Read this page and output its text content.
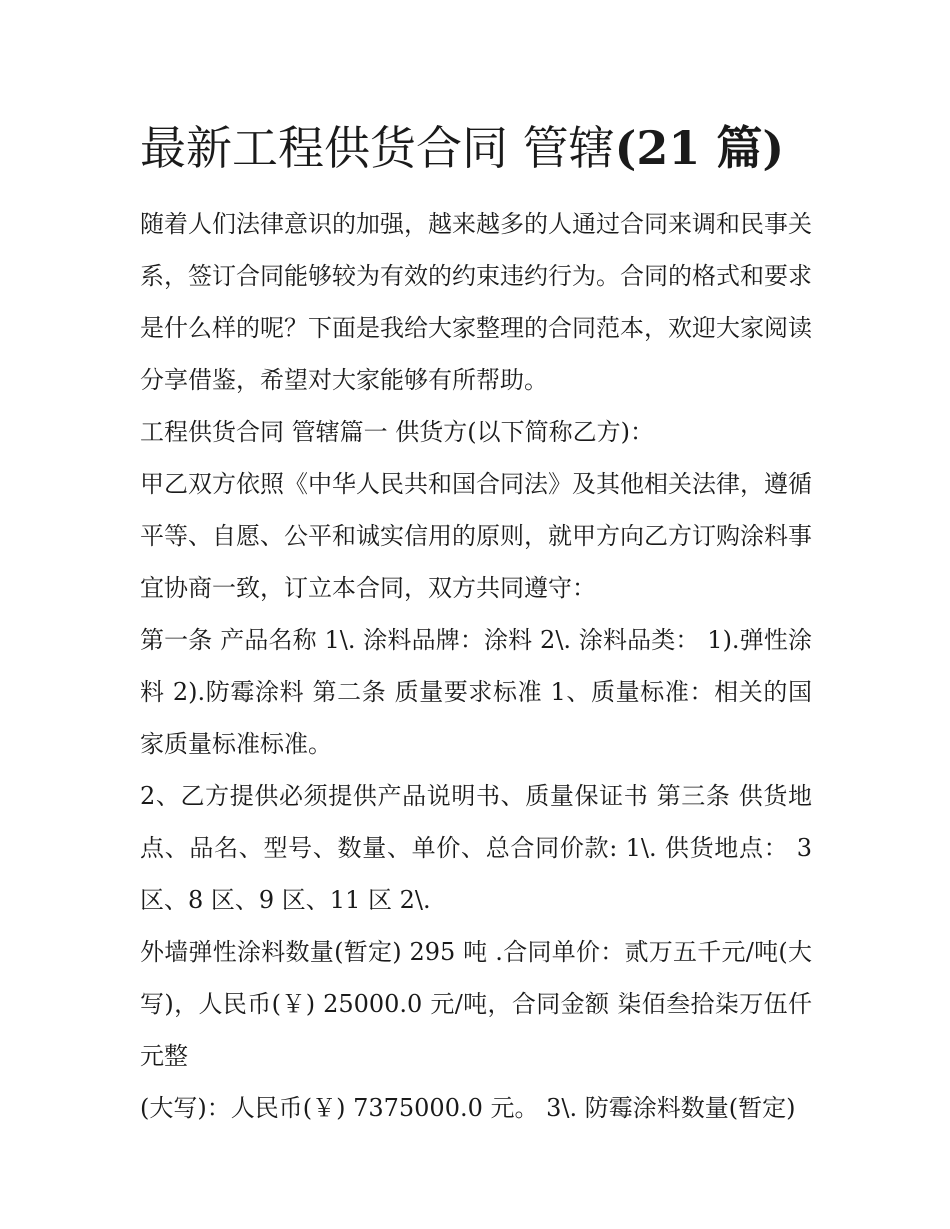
最新工程供货合同 管辖(21 篇)

随着人们法律意识的加强，越来越多的人通过合同来调和民事关系，签订合同能够较为有效的约束违约行为。合同的格式和要求是什么样的呢？下面是我给大家整理的合同范本，欢迎大家阅读分享借鉴，希望对大家能够有所帮助。

工程供货合同 管辖篇一 供货方(以下简称乙方)：

甲乙双方依照《中华人民共和国合同法》及其他相关法律，遵循平等、自愿、公平和诚实信用的原则，就甲方向乙方订购涂料事宜协商一致，订立本合同，双方共同遵守：

第一条 产品名称 1\. 涂料品牌：涂料 2\. 涂料品类： 1).弹性涂料 2).防霉涂料 第二条 质量要求标准 1、质量标准：相关的国家质量标准标准。

2、乙方提供必须提供产品说明书、质量保证书 第三条 供货地点、品名、型号、数量、单价、总合同价款: 1\. 供货地点： 3 区、8 区、9 区、11 区 2\.

外墙弹性涂料数量(暂定) 295 吨 .合同单价：贰万五千元/吨(大写)，人民币(￥) 25000.0 元/吨，合同金额 柒佰叁拾柒万伍仟元整

(大写)：人民币(￥) 7375000.0 元。 3\. 防霉涂料数量(暂定)
